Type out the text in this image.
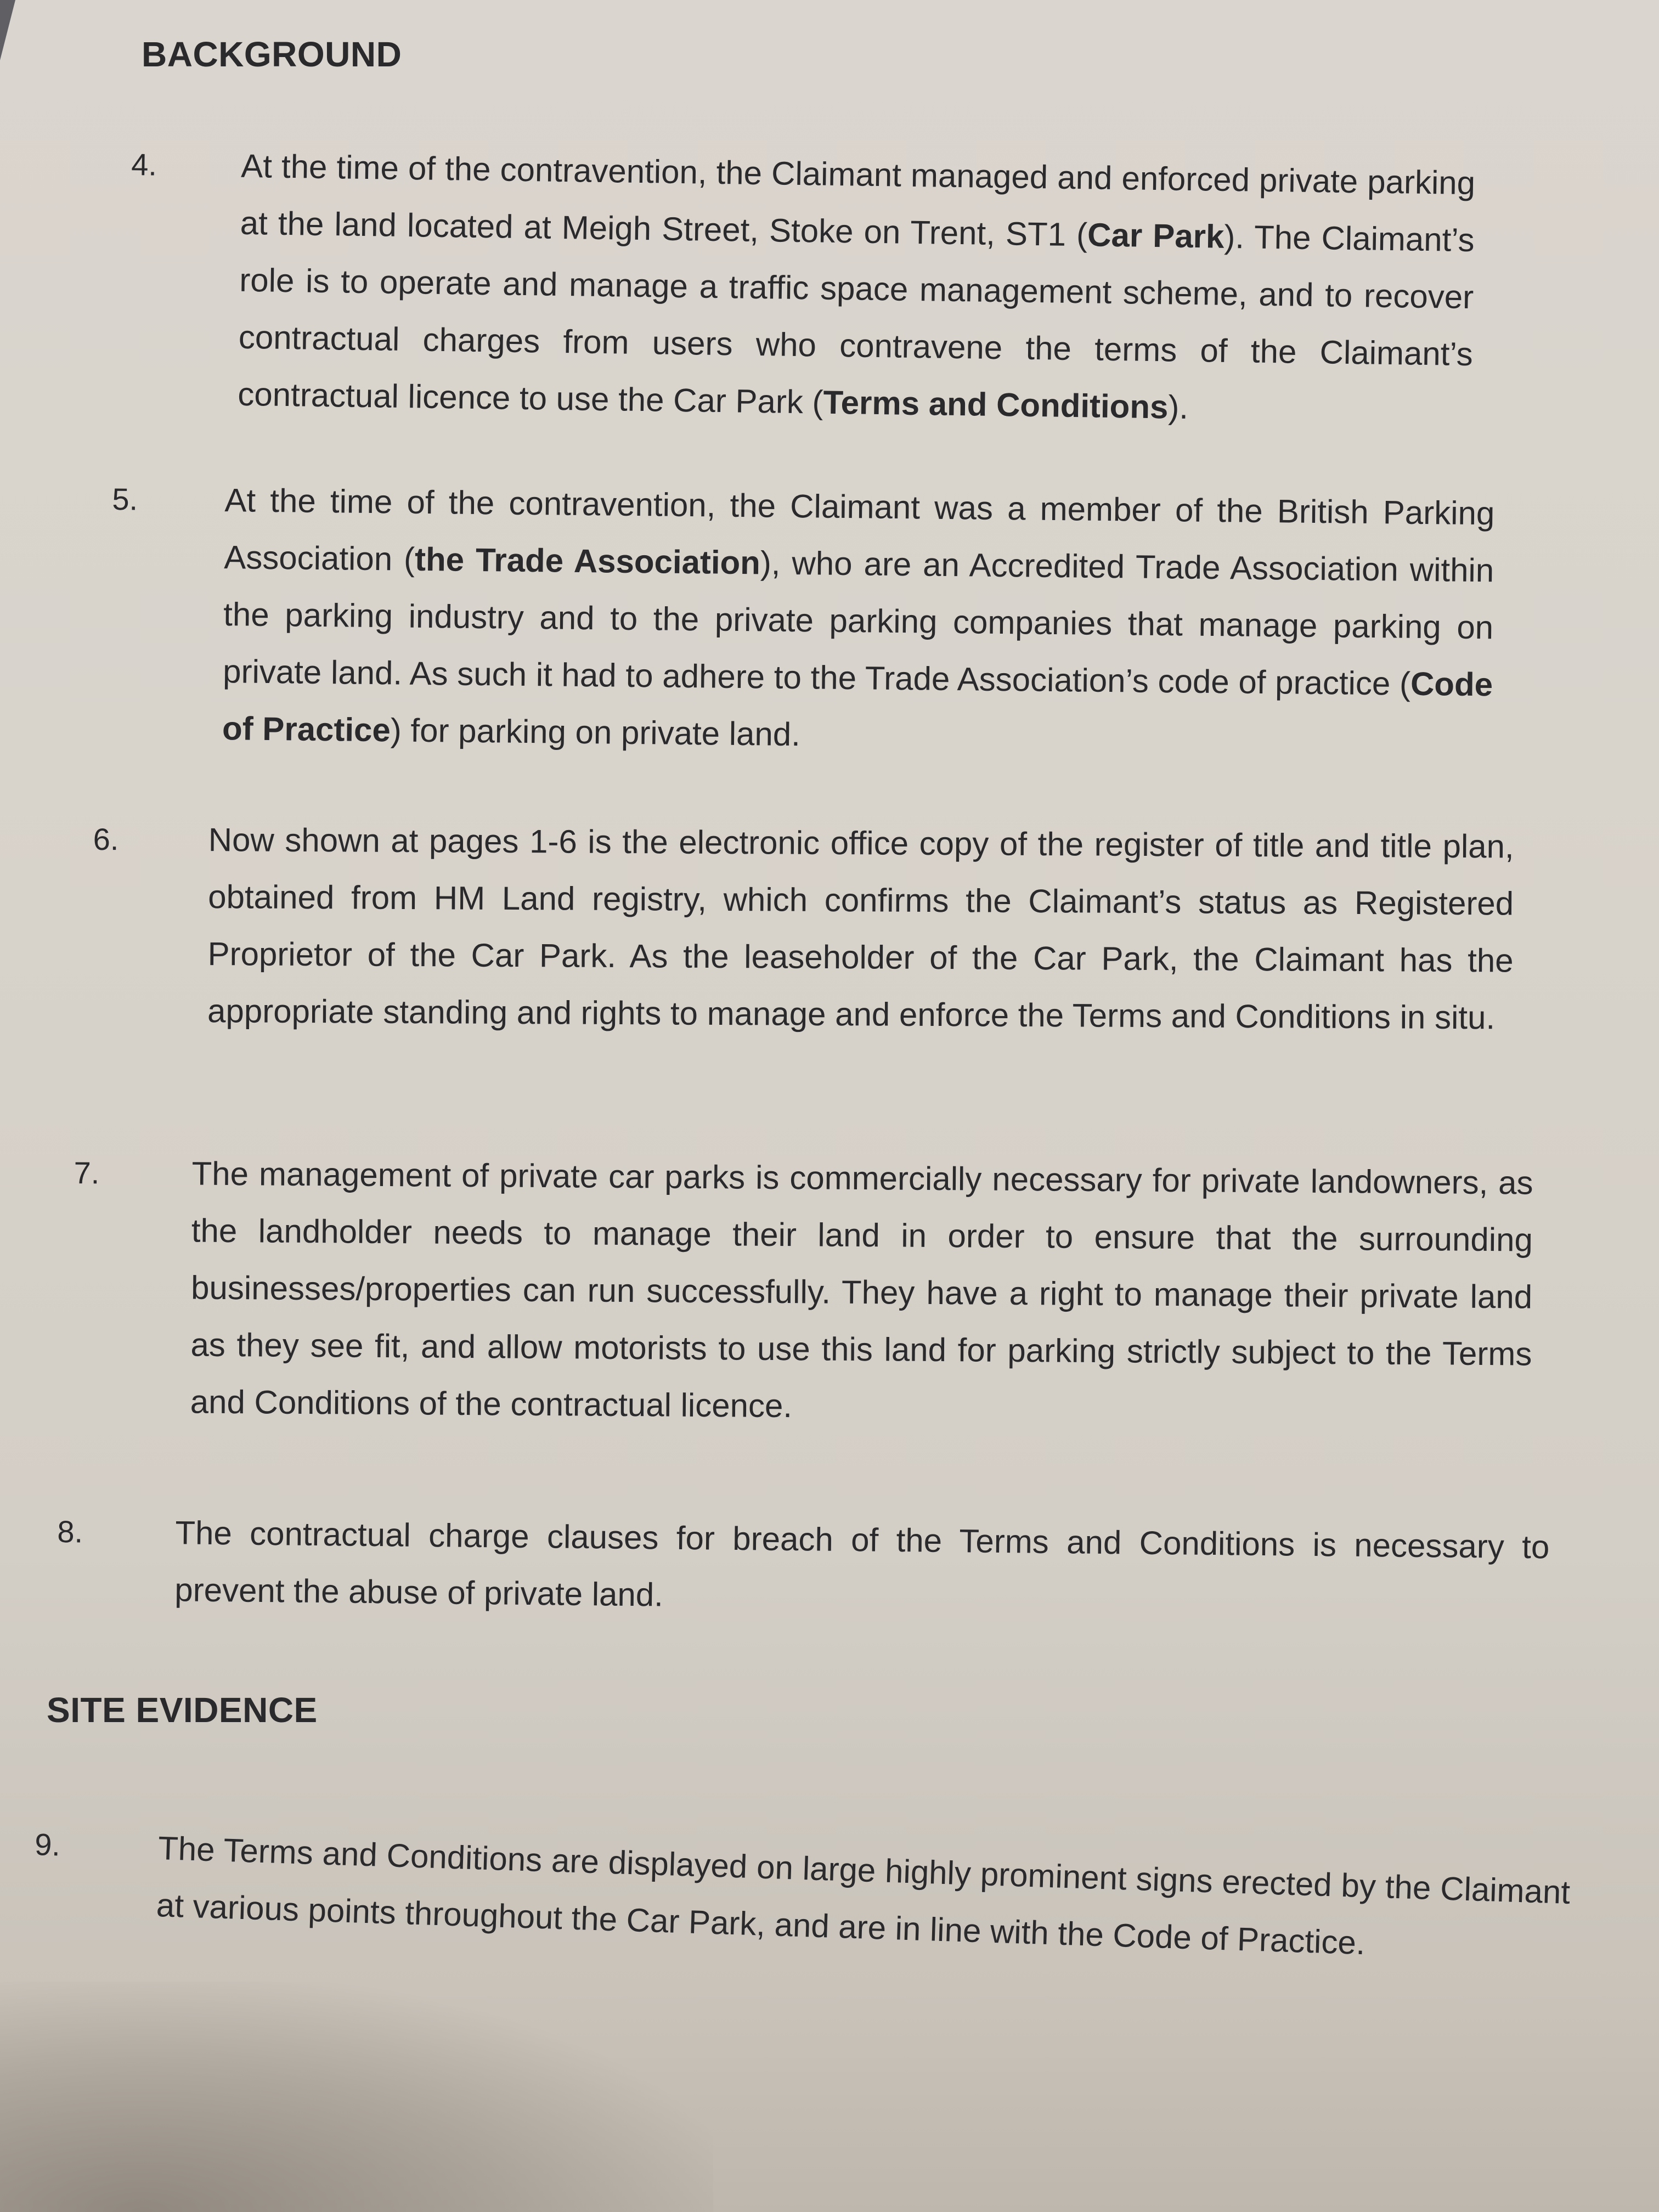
BACKGROUND
4.	At the time of the contravention, the Claimant managed and enforced private parking at the land located at Meigh Street, Stoke on Trent, ST1 (Car Park). The Claimant’s role is to operate and manage a traffic space management scheme, and to recover contractual charges from users who contravene the terms of the Claimant’s contractual licence to use the Car Park (Terms and Conditions).

5.	At the time of the contravention, the Claimant was a member of the British Parking Association (the Trade Association), who are an Accredited Trade Association within the parking industry and to the private parking companies that manage parking on private land. As such it had to adhere to the Trade Association’s code of practice (Code of Practice) for parking on private land.

6.	Now shown at pages 1-6 is the electronic office copy of the register of title and title plan, obtained from HM Land registry, which confirms the Claimant’s status as Registered Proprietor of the Car Park. As the leaseholder of the Car Park, the Claimant has the appropriate standing and rights to manage and enforce the Terms and Conditions in situ.

7.	The management of private car parks is commercially necessary for private landowners, as the landholder needs to manage their land in order to ensure that the surrounding businesses/properties can run successfully. They have a right to manage their private land as they see fit, and allow motorists to use this land for parking strictly subject to the Terms and Conditions of the contractual licence.

8.	The contractual charge clauses for breach of the Terms and Conditions is necessary to prevent the abuse of private land.

SITE EVIDENCE
9.	The Terms and Conditions are displayed on large highly prominent signs erected by the Claimant at various points throughout the Car Park, and are in line with the Code of Practice.
